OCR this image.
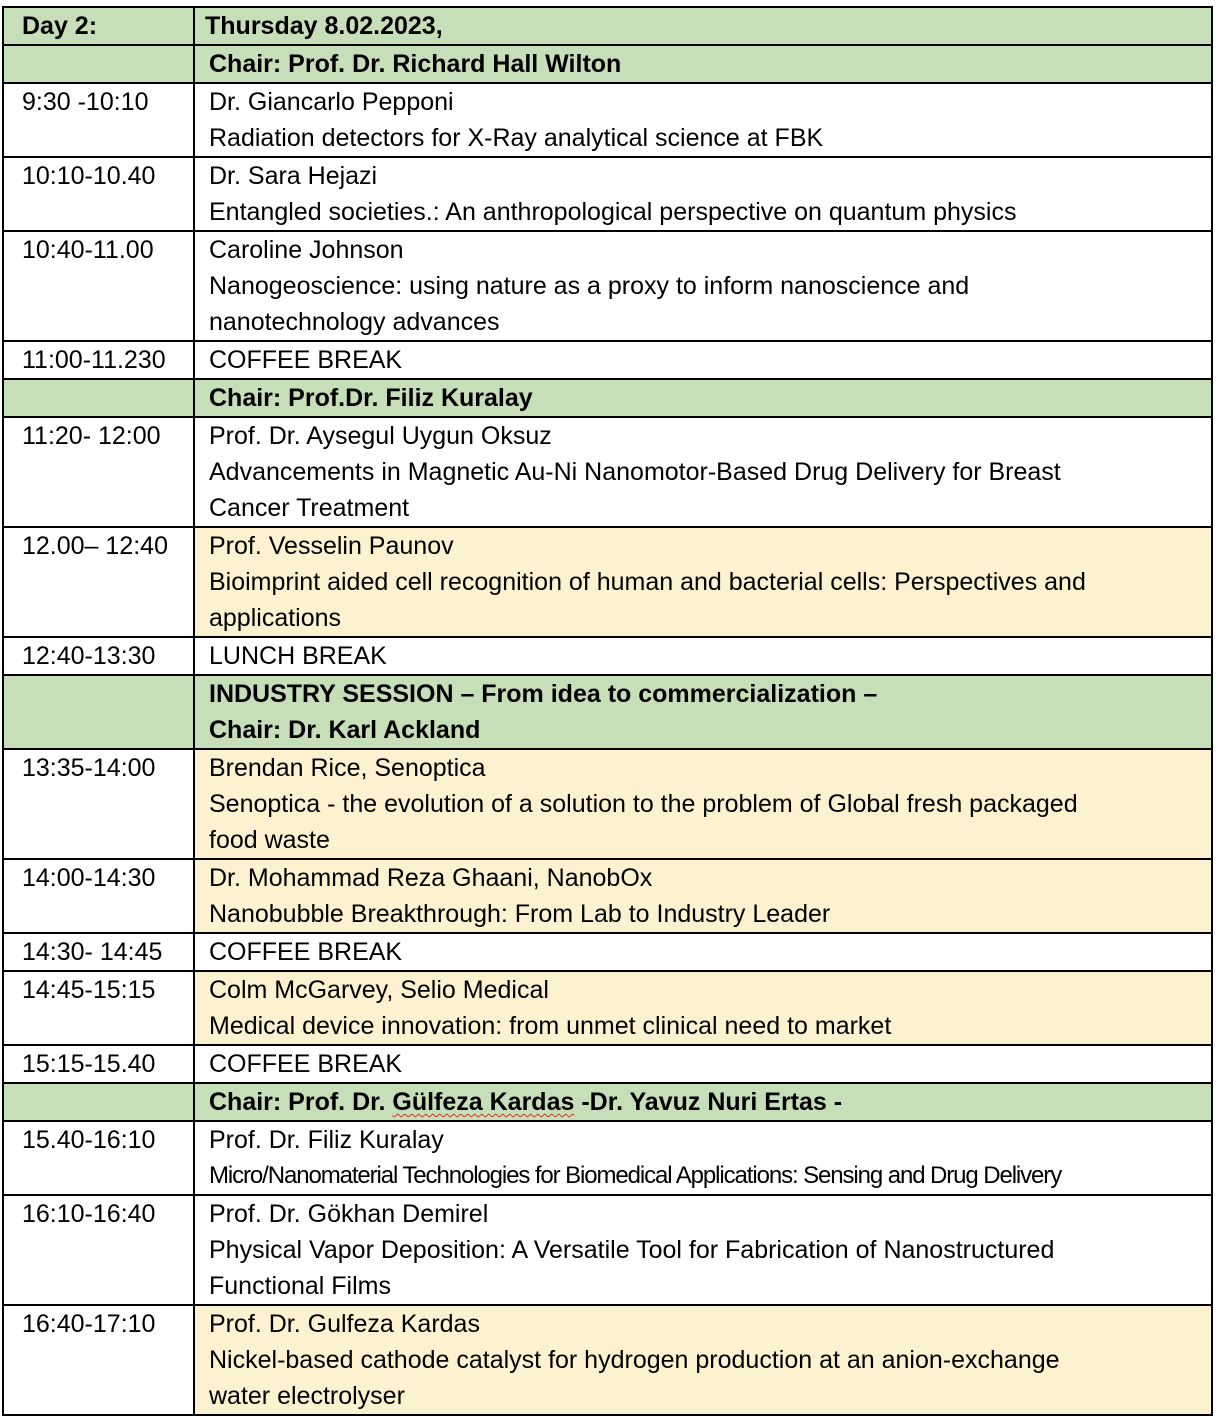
Day 2:	Thursday 8.02.2023,

	Chair: Prof. Dr. Richard Hall Wilton

9:30 -10:10	Dr. Giancarlo Pepponi
Radiation detectors for X-Ray analytical science at FBK

10:10-10.40	Dr. Sara Hejazi
Entangled societies.: An anthropological perspective on quantum physics

10:40-11.00	Caroline Johnson
Nanogeoscience: using nature as a proxy to inform nanoscience and
nanotechnology advances

11:00-11.230	COFFEE BREAK

	Chair: Prof.Dr. Filiz Kuralay

11:20- 12:00	Prof. Dr. Aysegul Uygun Oksuz
Advancements in Magnetic Au-Ni Nanomotor-Based Drug Delivery for Breast
Cancer Treatment

12.00– 12:40	Prof. Vesselin Paunov
Bioimprint aided cell recognition of human and bacterial cells: Perspectives and
applications

12:40-13:30	LUNCH BREAK

	INDUSTRY SESSION – From idea to commercialization –
Chair: Dr. Karl Ackland

13:35-14:00	Brendan Rice, Senoptica
Senoptica - the evolution of a solution to the problem of Global fresh packaged
food waste

14:00-14:30	Dr. Mohammad Reza Ghaani, NanobOx
Nanobubble Breakthrough: From Lab to Industry Leader

14:30- 14:45	COFFEE BREAK
14:45-15:15	Colm McGarvey, Selio Medical
Medical device innovation: from unmet clinical need to market

15:15-15.40	COFFEE BREAK

	Chair: Prof. Dr. Gülfeza Kardas -Dr. Yavuz Nuri Ertas -

15.40-16:10	Prof. Dr. Filiz Kuralay
Micro/Nanomaterial Technologies for Biomedical Applications: Sensing and Drug Delivery

16:10-16:40	Prof. Dr. Gökhan Demirel
Physical Vapor Deposition: A Versatile Tool for Fabrication of Nanostructured
Functional Films

16:40-17:10	Prof. Dr. Gulfeza Kardas
Nickel-based cathode catalyst for hydrogen production at an anion-exchange
water electrolyser
